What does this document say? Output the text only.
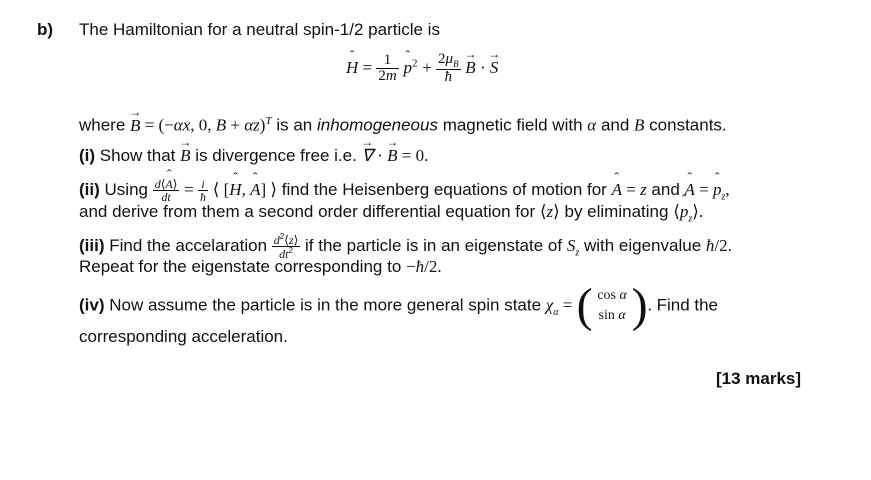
b) The Hamiltonian for a neutral spin-1/2 particle is
ˆ $H = \frac{1}{2m}$
ˆ $p^2 + \frac{2\mu_B}{ħ}$
→ B · → S
where → B = (−αx, 0, B + αz)$^T$ is an inhomogeneous magnetic field with α and B constants.
(i) Show that → B is divergence free i.e. → ∇ · → B = 0.
(ii) Using $\frac{\text{d⟨ˆ A⟩}}{dt} = \frac{i}{ħ}$ ⟨ [ˆ H, ˆ A] ⟩ find the Heisenberg equations of motion for ˆ A = z and ˆ A = ˆ $p_z$,
and derive from them a second order differential equation for ⟨z⟩ by eliminating ⟨ˆ $p_z⟩$.
(iii) Find the accelaration $\frac{d^2⟨z⟩}{dt^2}$ if the particle is in an eigenstate of $S_z$ with eigenvalue ħ/2.
Repeat for the eigenstate corresponding to −ħ/2.
(iv) Now assume the particle is in the more general spin state $\chi_\alpha$ = ( cos α
sin α ). Find the
corresponding acceleration.
[13 marks]
